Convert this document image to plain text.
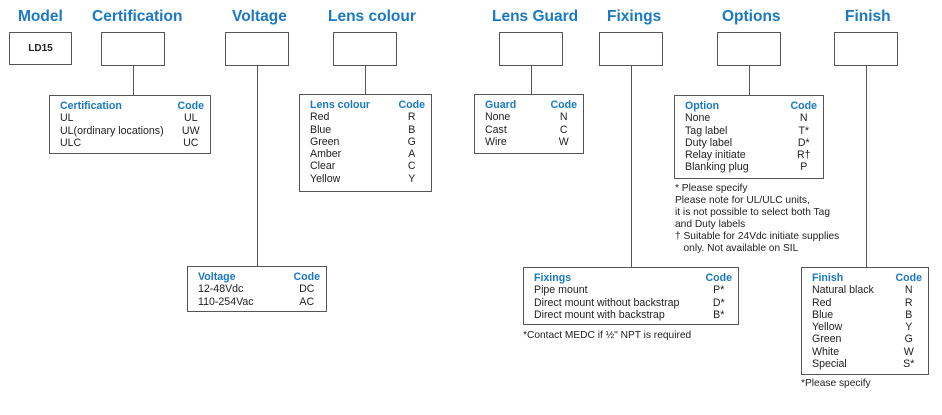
Model Certification	Voltage	Lens colour	Lens Guard Fixings	Options	Finish
LD15
Certification	Code
UL	UL
UL(ordinary locations)	UW
ULC	UC
Lens colour	Code
Red	R
Blue	B
Green	G
Amber	A
Clear	C
Yellow	Y
Guard	Code
None	N
Cast	C
Wire	W
Option	Code
None	N
Tag label	T*
Duty label	D*
Relay initiate	R†
Blanking plug	P
* Please specify
Please note for UL/ULC units,
it is not possible to select both Tag
and Duty labels
† Suitable for 24Vdc initiate supplies
only. Not available on SIL
Voltage	Code
12-48Vdc	DC
110-254Vac	AC
Fixings	Code
Pipe mount	P*
Direct mount without backstrap	D*
Direct mount with backstrap	B*
*Contact MEDC if ½" NPT is required
Finish	Code
Natural black	N
Red	R
Blue	B
Yellow	Y
Green	G
White	W
Special	S*
*Please specify
